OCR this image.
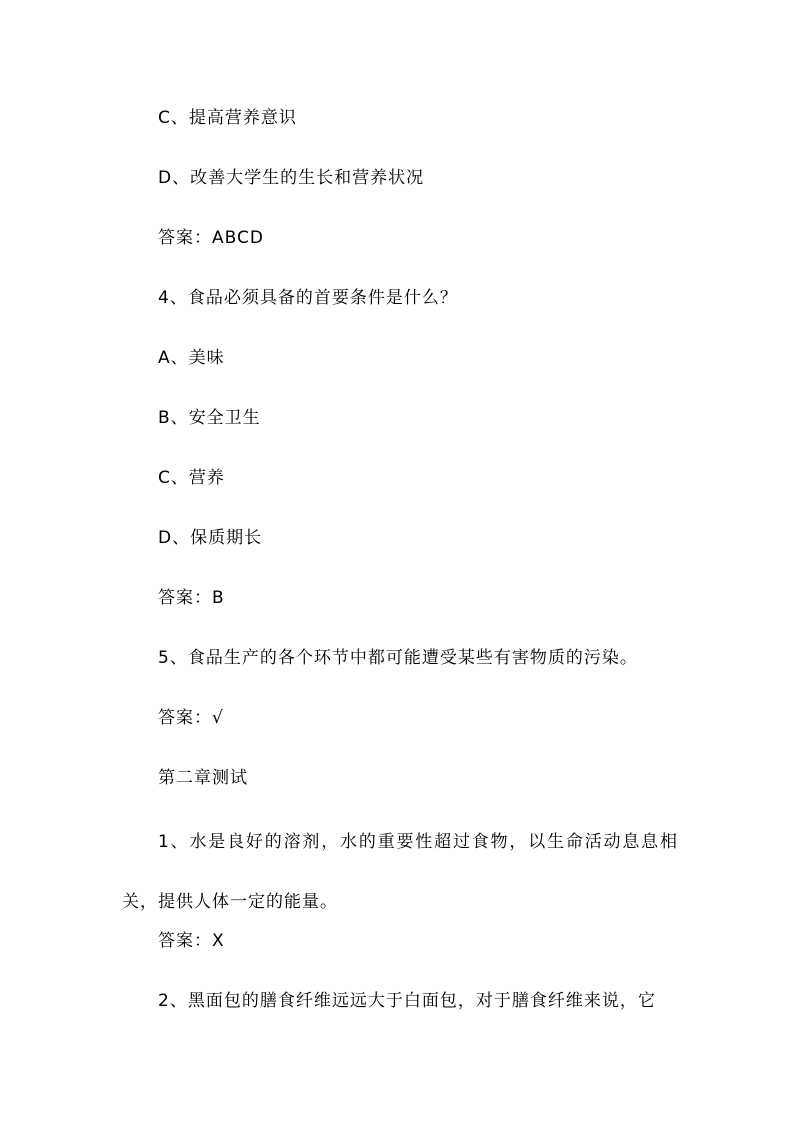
C、提高营养意识
D、改善大学生的生长和营养状况
答案：ABCD
4、食品必须具备的首要条件是什么？
A、美味
B、安全卫生
C、营养
D、保质期长
答案：B
5、食品生产的各个环节中都可能遭受某些有害物质的污染。
答案：√
第二章测试
1、水是良好的溶剂，水的重要性超过食物，以生命活动息息相关，提供人体一定的能量。
答案：X
2、黑面包的膳食纤维远远大于白面包，对于膳食纤维来说，它
